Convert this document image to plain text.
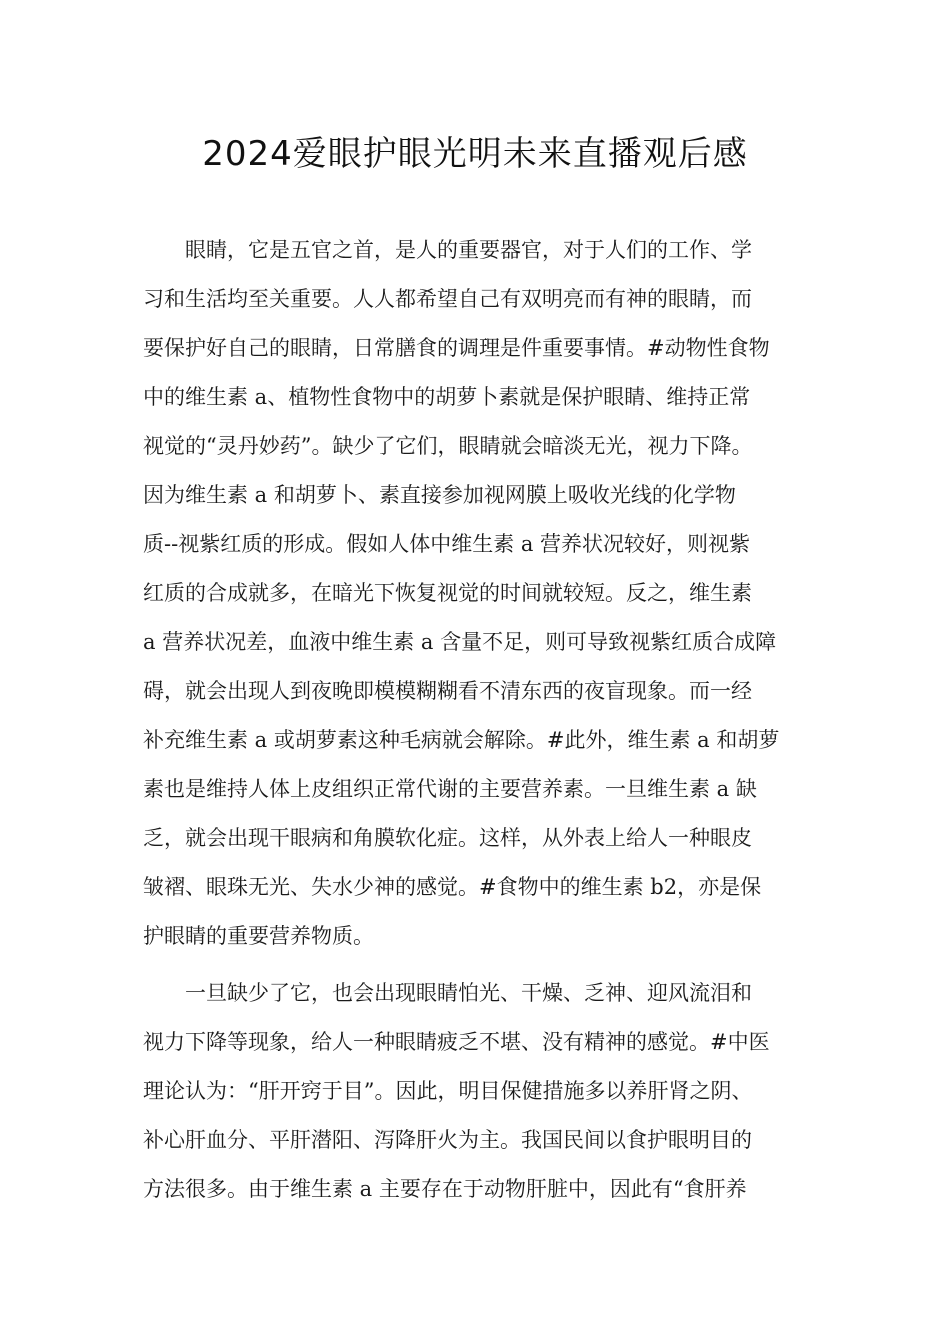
2024爱眼护眼光明未来直播观后感
　　眼睛，它是五官之首，是人的重要器官，对于人们的工作、学
习和生活均至关重要。人人都希望自己有双明亮而有神的眼睛，而
要保护好自己的眼睛，日常膳食的调理是件重要事情。#动物性食物
中的维生素 a、植物性食物中的胡萝卜素就是保护眼睛、维持正常
视觉的“灵丹妙药”。缺少了它们，眼睛就会暗淡无光，视力下降。
因为维生素 a 和胡萝卜、素直接参加视网膜上吸收光线的化学物
质--视紫红质的形成。假如人体中维生素 a 营养状况较好，则视紫
红质的合成就多，在暗光下恢复视觉的时间就较短。反之，维生素
a 营养状况差，血液中维生素 a 含量不足，则可导致视紫红质合成障
碍，就会出现人到夜晚即模模糊糊看不清东西的夜盲现象。而一经
补充维生素 a 或胡萝素这种毛病就会解除。#此外，维生素 a 和胡萝
素也是维持人体上皮组织正常代谢的主要营养素。一旦维生素 a 缺
乏，就会出现干眼病和角膜软化症。这样，从外表上给人一种眼皮
皱褶、眼珠无光、失水少神的感觉。#食物中的维生素 b2，亦是保
护眼睛的重要营养物质。
　　一旦缺少了它，也会出现眼睛怕光、干燥、乏神、迎风流泪和
视力下降等现象，给人一种眼睛疲乏不堪、没有精神的感觉。#中医
理论认为：“肝开窍于目”。因此，明目保健措施多以养肝肾之阴、
补心肝血分、平肝潜阳、泻降肝火为主。我国民间以食护眼明目的
方法很多。由于维生素 a 主要存在于动物肝脏中，因此有“食肝养
